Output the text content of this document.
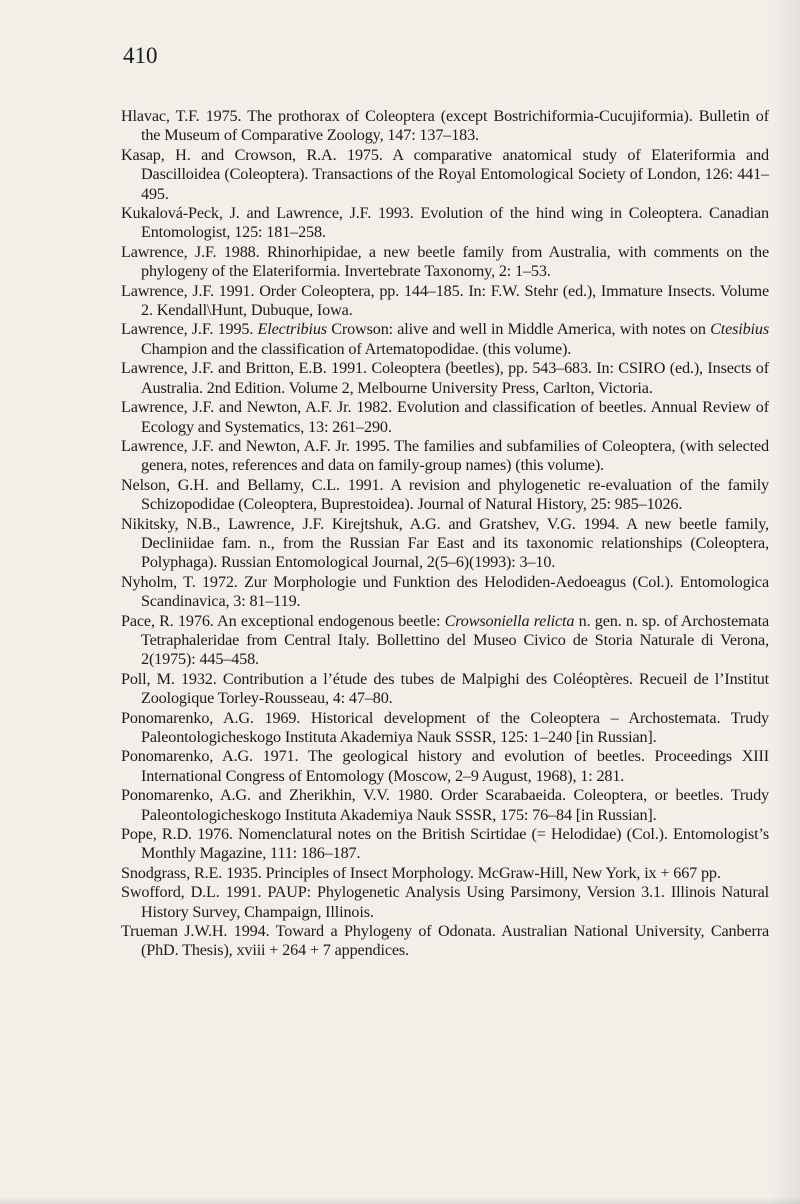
410

Hlavac, T.F. 1975. The prothorax of Coleoptera (except Bostrichiformia-Cucujiformia). Bulletin of the Museum of Comparative Zoology, 147: 137–183.

Kasap, H. and Crowson, R.A. 1975. A comparative anatomical study of Elateriformia and Dascilloidea (Coleoptera). Transactions of the Royal Entomological Society of London, 126: 441–495.

Kukalová-Peck, J. and Lawrence, J.F. 1993. Evolution of the hind wing in Coleoptera. Canadian Entomologist, 125: 181–258.

Lawrence, J.F. 1988. Rhinorhipidae, a new beetle family from Australia, with comments on the phylogeny of the Elateriformia. Invertebrate Taxonomy, 2: 1–53.

Lawrence, J.F. 1991. Order Coleoptera, pp. 144–185. In: F.W. Stehr (ed.), Immature Insects. Volume 2. Kendall\Hunt, Dubuque, Iowa.

Lawrence, J.F. 1995. Electribius Crowson: alive and well in Middle America, with notes on Ctesibius Champion and the classification of Artematopodidae. (this volume).

Lawrence, J.F. and Britton, E.B. 1991. Coleoptera (beetles), pp. 543–683. In: CSIRO (ed.), Insects of Australia. 2nd Edition. Volume 2, Melbourne University Press, Carlton, Victoria.

Lawrence, J.F. and Newton, A.F. Jr. 1982. Evolution and classification of beetles. Annual Review of Ecology and Systematics, 13: 261–290.

Lawrence, J.F. and Newton, A.F. Jr. 1995. The families and subfamilies of Coleoptera, (with selected genera, notes, references and data on family-group names) (this volume).

Nelson, G.H. and Bellamy, C.L. 1991. A revision and phylogenetic re-evaluation of the family Schizopodidae (Coleoptera, Buprestoidea). Journal of Natural History, 25: 985–1026.

Nikitsky, N.B., Lawrence, J.F. Kirejtshuk, A.G. and Gratshev, V.G. 1994. A new beetle family, Decliniidae fam. n., from the Russian Far East and its taxonomic relationships (Coleoptera, Polyphaga). Russian Entomological Journal, 2(5–6)(1993): 3–10.

Nyholm, T. 1972. Zur Morphologie und Funktion des Helodiden-Aedoeagus (Col.). Entomologica Scandinavica, 3: 81–119.

Pace, R. 1976. An exceptional endogenous beetle: Crowsoniella relicta n. gen. n. sp. of Archostemata Tetraphaleridae from Central Italy. Bollettino del Museo Civico de Storia Naturale di Verona, 2(1975): 445–458.

Poll, M. 1932. Contribution a l’étude des tubes de Malpighi des Coléoptères. Recueil de l’Institut Zoologique Torley-Rousseau, 4: 47–80.

Ponomarenko, A.G. 1969. Historical development of the Coleoptera – Archostemata. Trudy Paleontologicheskogo Instituta Akademiya Nauk SSSR, 125: 1–240 [in Russian].

Ponomarenko, A.G. 1971. The geological history and evolution of beetles. Proceedings XIII International Congress of Entomology (Moscow, 2–9 August, 1968), 1: 281.

Ponomarenko, A.G. and Zherikhin, V.V. 1980. Order Scarabaeida. Coleoptera, or beetles. Trudy Paleontologicheskogo Instituta Akademiya Nauk SSSR, 175: 76–84 [in Russian].

Pope, R.D. 1976. Nomenclatural notes on the British Scirtidae (= Helodidae) (Col.). Entomologist’s Monthly Magazine, 111: 186–187.

Snodgrass, R.E. 1935. Principles of Insect Morphology. McGraw-Hill, New York, ix + 667 pp.

Swofford, D.L. 1991. PAUP: Phylogenetic Analysis Using Parsimony, Version 3.1. Illinois Natural History Survey, Champaign, Illinois.

Trueman J.W.H. 1994. Toward a Phylogeny of Odonata. Australian National University, Canberra (PhD. Thesis), xviii + 264 + 7 appendices.
